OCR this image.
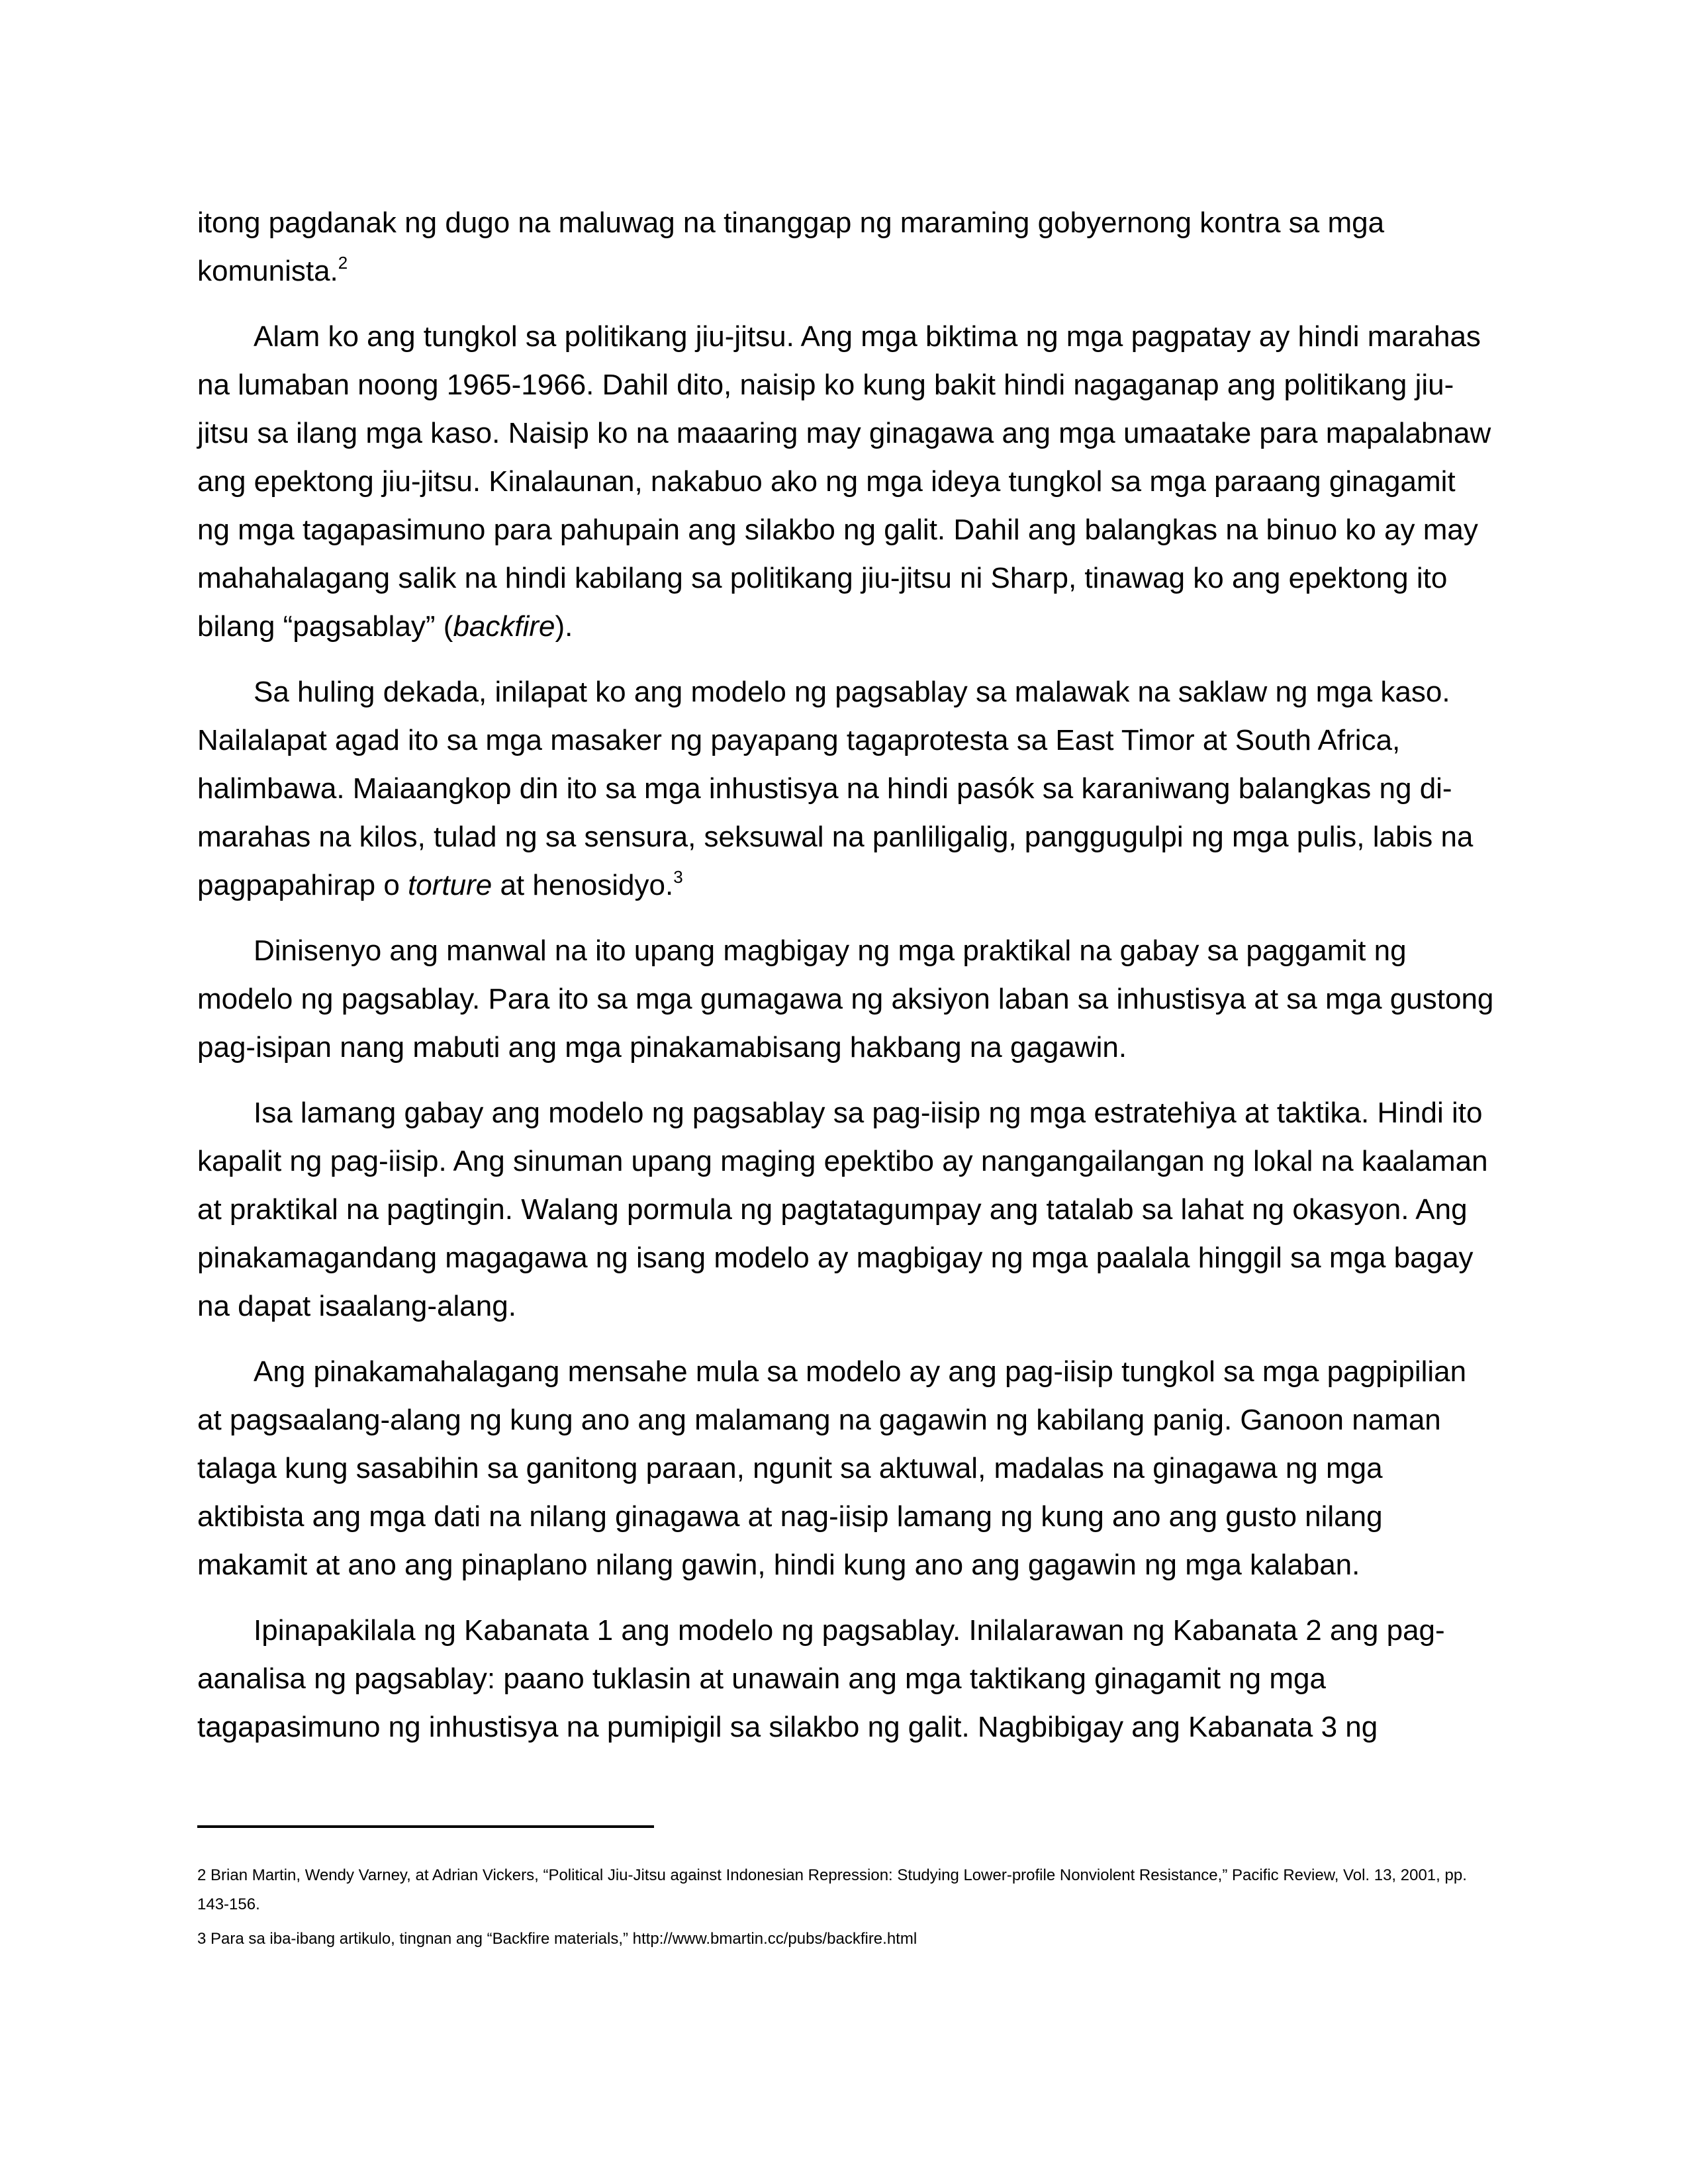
itong pagdanak ng dugo na maluwag na tinanggap ng maraming gobyernong kontra sa mga komunista.$^2$

Alam ko ang tungkol sa politikang jiu-jitsu. Ang mga biktima ng mga pagpatay ay hindi marahas na lumaban noong 1965-1966. Dahil dito, naisip ko kung bakit hindi nagaganap ang politikang jiu-jitsu sa ilang mga kaso. Naisip ko na maaaring may ginagawa ang mga umaatake para mapalabnaw ang epektong jiu-jitsu. Kinalaunan, nakabuo ako ng mga ideya tungkol sa mga paraang ginagamit ng mga tagapasimuno para pahupain ang silakbo ng galit. Dahil ang balangkas na binuo ko ay may mahahalagang salik na hindi kabilang sa politikang jiu-jitsu ni Sharp, tinawag ko ang epektong ito bilang “pagsablay” (backfire).

Sa huling dekada, inilapat ko ang modelo ng pagsablay sa malawak na saklaw ng mga kaso. Nailalapat agad ito sa mga masaker ng payapang tagaprotesta sa East Timor at South Africa, halimbawa. Maiaangkop din ito sa mga inhustisya na hindi pasók sa karaniwang balangkas ng di-marahas na kilos, tulad ng sa sensura, seksuwal na panliligalig, panggugulpi ng mga pulis, labis na pagpapahirap o torture at henosidyo.$^3$

Dinisenyo ang manwal na ito upang magbigay ng mga praktikal na gabay sa paggamit ng modelo ng pagsablay. Para ito sa mga gumagawa ng aksiyon laban sa inhustisya at sa mga gustong pag-isipan nang mabuti ang mga pinakamabisang hakbang na gagawin.

Isa lamang gabay ang modelo ng pagsablay sa pag-iisip ng mga estratehiya at taktika. Hindi ito kapalit ng pag-iisip. Ang sinuman upang maging epektibo ay nangangailangan ng lokal na kaalaman at praktikal na pagtingin. Walang pormula ng pagtatagumpay ang tatalab sa lahat ng okasyon. Ang pinakamagandang magagawa ng isang modelo ay magbigay ng mga paalala hinggil sa mga bagay na dapat isaalang-alang.

Ang pinakamahalagang mensahe mula sa modelo ay ang pag-iisip tungkol sa mga pagpipilian at pagsaalang-alang ng kung ano ang malamang na gagawin ng kabilang panig. Ganoon naman talaga kung sasabihin sa ganitong paraan, ngunit sa aktuwal, madalas na ginagawa ng mga aktibista ang mga dati na nilang ginagawa at nag-iisip lamang ng kung ano ang gusto nilang makamit at ano ang pinaplano nilang gawin, hindi kung ano ang gagawin ng mga kalaban.

Ipinapakilala ng Kabanata 1 ang modelo ng pagsablay. Inilalarawan ng Kabanata 2 ang pag-aanalisa ng pagsablay: paano tuklasin at unawain ang mga taktikang ginagamit ng mga tagapasimuno ng inhustisya na pumipigil sa silakbo ng galit. Nagbibigay ang Kabanata 3 ng

2 Brian Martin, Wendy Varney, at Adrian Vickers, “Political Jiu-Jitsu against Indonesian Repression: Studying Lower-profile Nonviolent Resistance,” Pacific Review, Vol. 13, 2001, pp. 143-156.

3 Para sa iba-ibang artikulo, tingnan ang “Backfire materials,” http://www.bmartin.cc/pubs/backfire.html
